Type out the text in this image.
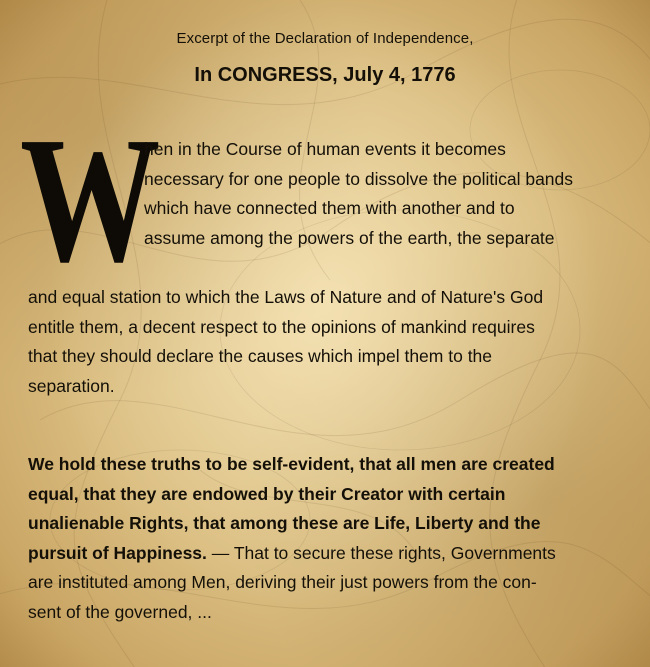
Excerpt of the Declaration of Independence,

In CONGRESS, July 4, 1776

W

hen in the Course of human events it becomes
necessary for one people to dissolve the political bands
which have connected them with another and to
assume among the powers of the earth, the separate

and equal station to which the Laws of Nature and of Nature's God
entitle them, a decent respect to the opinions of mankind requires
that they should declare the causes which impel them to the
separation.

We hold these truths to be self-evident, that all men are created
equal, that they are endowed by their Creator with certain
unalienable Rights, that among these are Life, Liberty and the
pursuit of Happiness. — That to secure these rights, Governments
are instituted among Men, deriving their just powers from the con-
sent of the governed, ...
